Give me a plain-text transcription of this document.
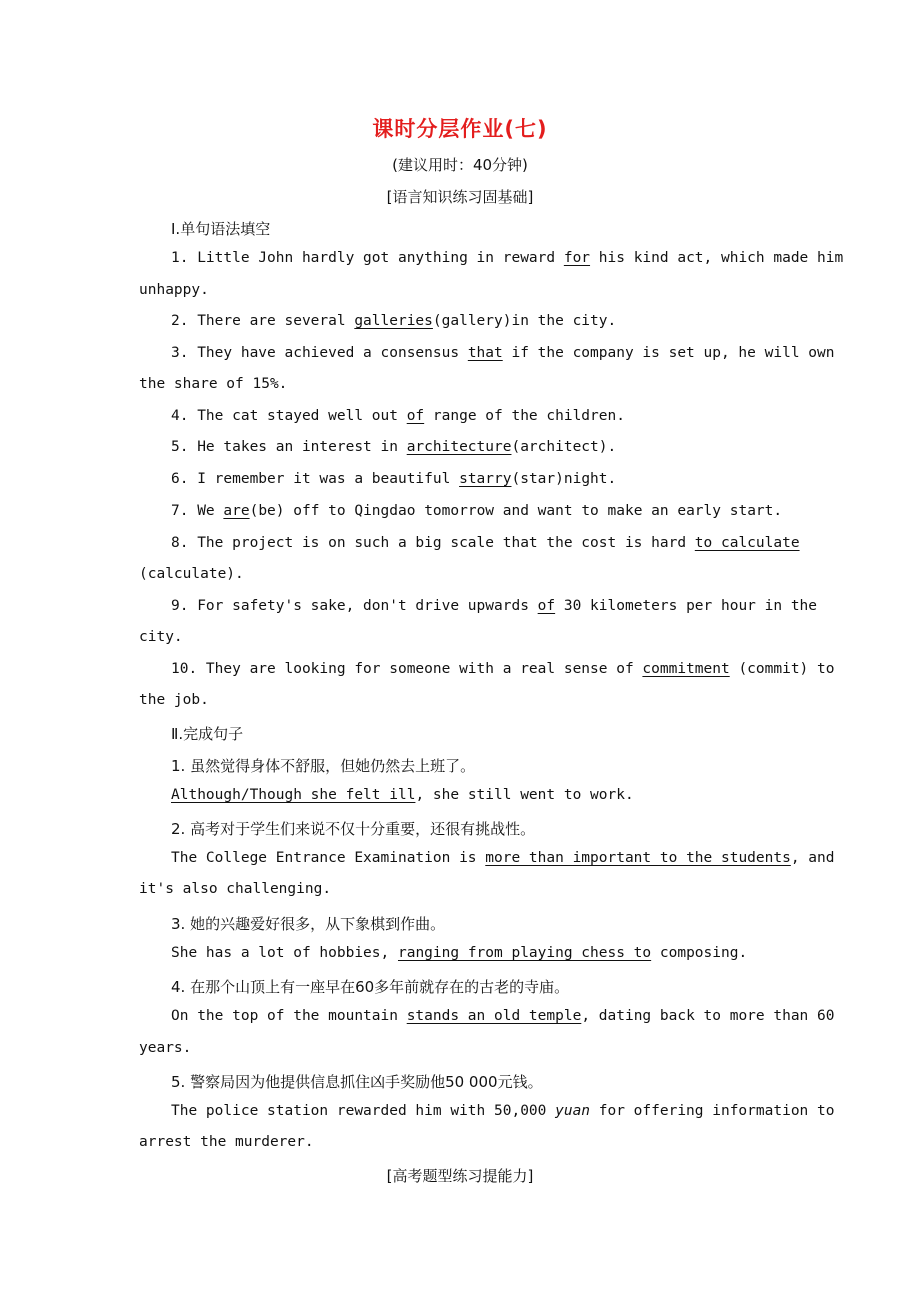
课时分层作业(七)
(建议用时：40分钟)
[语言知识练习固基础]
Ⅰ.单句语法填空
1. Little John hardly got anything in reward for his kind act, which made him
unhappy.
2. There are several galleries(gallery)in the city.
3. They have achieved a consensus that if the company is set up, he will own
the share of 15%.
4. The cat stayed well out of range of the children.
5. He takes an interest in architecture(architect).
6. I remember it was a beautiful starry(star)night.
7. We are(be) off to Qingdao tomorrow and want to make an early start.
8. The project is on such a big scale that the cost is hard to calculate
(calculate).
9. For safety's sake, don't drive upwards of 30 kilometers per hour in the
city.
10. They are looking for someone with a real sense of commitment (commit) to
the job.
Ⅱ.完成句子
1. 虽然觉得身体不舒服，但她仍然去上班了。
Although/Though she felt ill, she still went to work.
2. 高考对于学生们来说不仅十分重要，还很有挑战性。
The College Entrance Examination is more than important to the students, and
it's also challenging.
3. 她的兴趣爱好很多，从下象棋到作曲。
She has a lot of hobbies, ranging from playing chess to composing.
4. 在那个山顶上有一座早在60多年前就存在的古老的寺庙。
On the top of the mountain stands an old temple, dating back to more than 60
years.
5. 警察局因为他提供信息抓住凶手奖励他50 000元钱。
The police station rewarded him with 50,000 yuan for offering information to
arrest the murderer.
[高考题型练习提能力]
